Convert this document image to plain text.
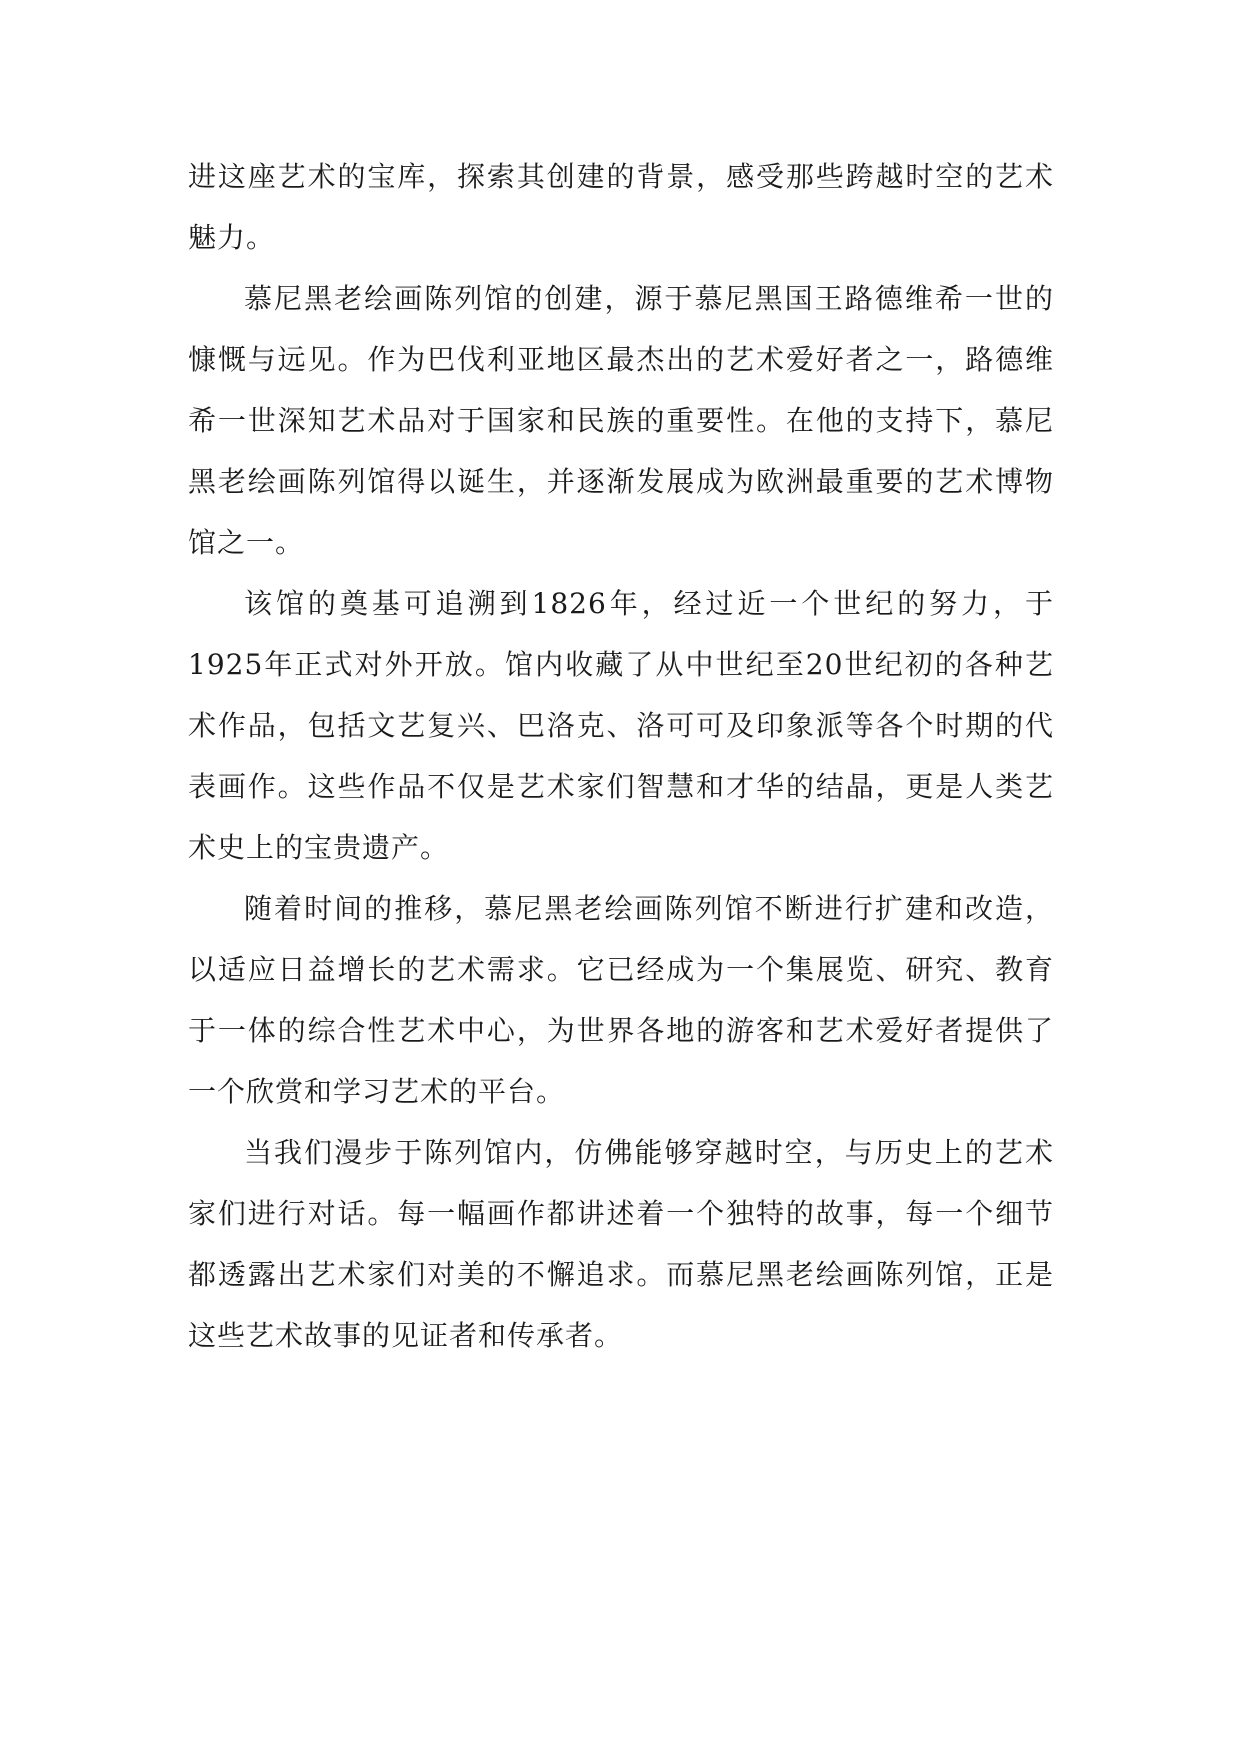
进这座艺术的宝库，探索其创建的背景，感受那些跨越时空的艺术魅力。

慕尼黑老绘画陈列馆的创建，源于慕尼黑国王路德维希一世的慷慨与远见。作为巴伐利亚地区最杰出的艺术爱好者之一，路德维希一世深知艺术品对于国家和民族的重要性。在他的支持下，慕尼黑老绘画陈列馆得以诞生，并逐渐发展成为欧洲最重要的艺术博物馆之一。

该馆的奠基可追溯到1826年，经过近一个世纪的努力，于1925年正式对外开放。馆内收藏了从中世纪至20世纪初的各种艺术作品，包括文艺复兴、巴洛克、洛可可及印象派等各个时期的代表画作。这些作品不仅是艺术家们智慧和才华的结晶，更是人类艺术史上的宝贵遗产。

随着时间的推移，慕尼黑老绘画陈列馆不断进行扩建和改造，以适应日益增长的艺术需求。它已经成为一个集展览、研究、教育于一体的综合性艺术中心，为世界各地的游客和艺术爱好者提供了一个欣赏和学习艺术的平台。

当我们漫步于陈列馆内，仿佛能够穿越时空，与历史上的艺术家们进行对话。每一幅画作都讲述着一个独特的故事，每一个细节都透露出艺术家们对美的不懈追求。而慕尼黑老绘画陈列馆，正是这些艺术故事的见证者和传承者。
